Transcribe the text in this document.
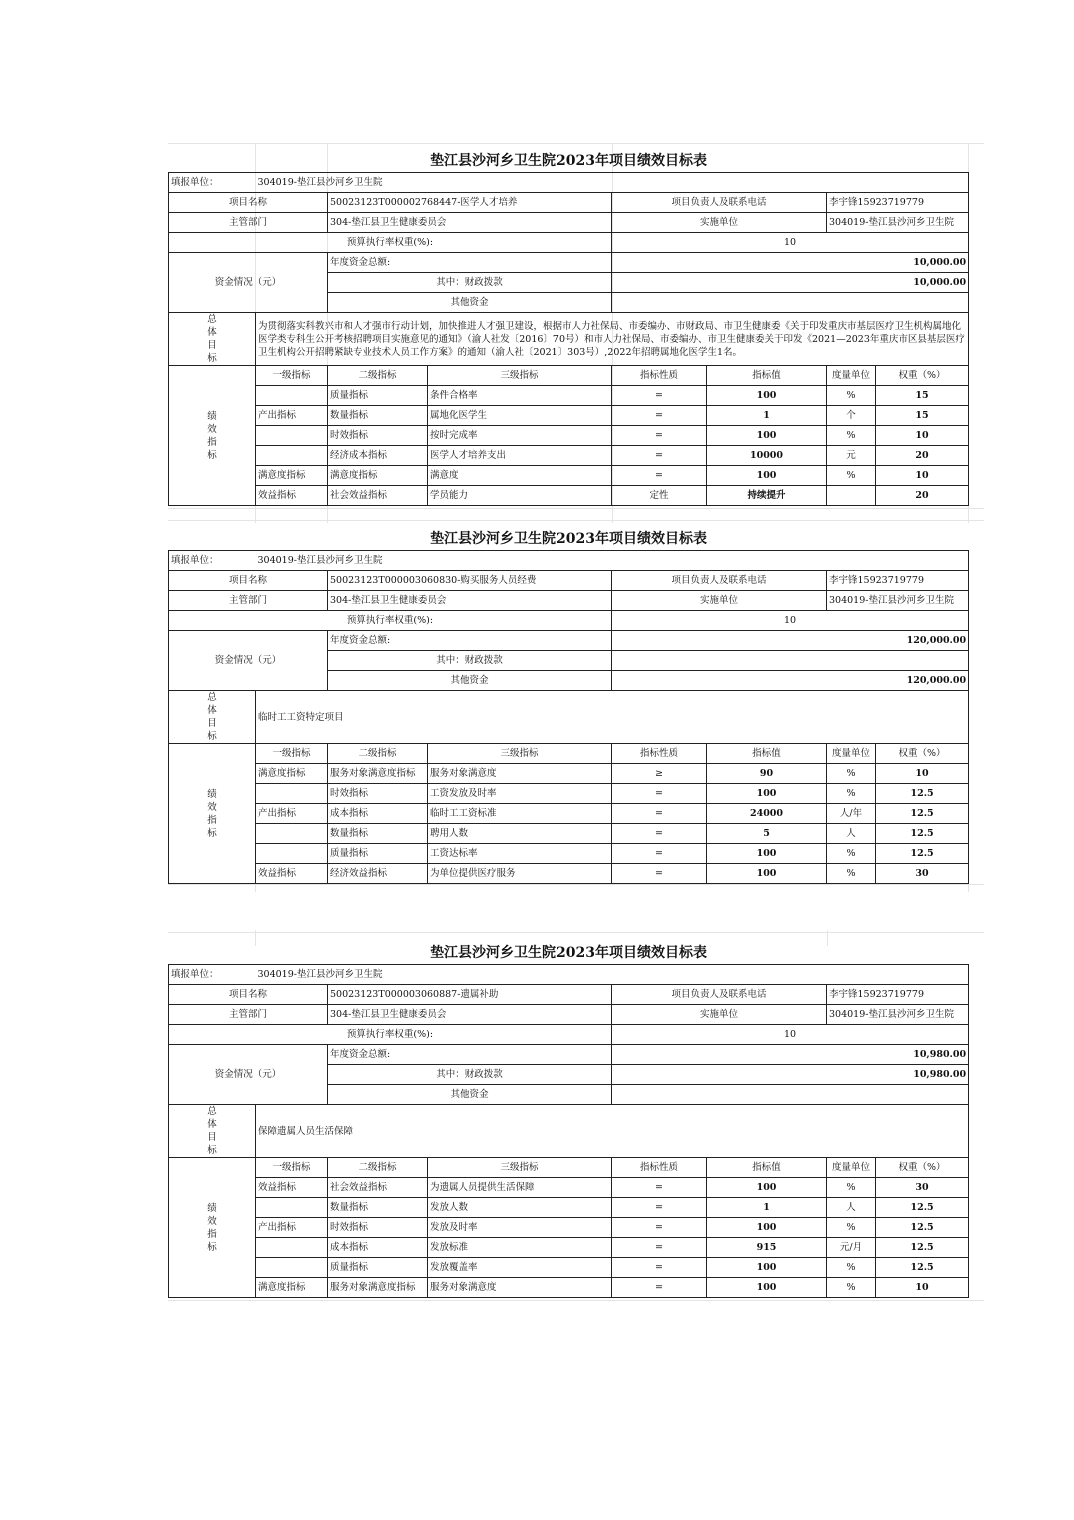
垫江县沙河乡卫生院2023年项目绩效目标表							
填报单位：	304019-垫江县沙河乡卫生院						
项目名称		50023123T000002768447-医学人才培养		项目负责人及联系电话		李宇锋15923719779	
主管部门		304-垫江县卫生健康委员会		实施单位		304019-垫江县沙河乡卫生院	
预算执行率权重(%):				10			
资金情况（元）		年度资金总额:		10,000.00			
		其中：财政拨款		10,000.00			
		其他资金					
总体目标	为贯彻落实科教兴市和人才强市行动计划，加快推进人才强卫建设，根据市人力社保局、市委编办、市财政局、市卫生健康委《关于印发重庆市基层医疗卫生机构属地化医学类专科生公开考核招聘项目实施意见的通知》（渝人社发〔2016〕70号）和市人力社保局、市委编办、市卫生健康委关于印发《2021—2023年重庆市区县基层医疗卫生机构公开招聘紧缺专业技术人员工作方案》的通知（渝人社〔2021〕303号）,2022年招聘属地化医学生1名。						
绩效指标	一级指标	二级指标	三级指标	指标性质	指标值	度量单位	权重（%）
		质量指标	条件合格率	=	100	%	15
	产出指标	数量指标	属地化医学生	=	1	个	15
		时效指标	按时完成率	=	100	%	10
		经济成本指标	医学人才培养支出	=	10000	元	20
	满意度指标	满意度指标	满意度	=	100	%	10
	效益指标	社会效益指标	学员能力	定性	持续提升		20
垫江县沙河乡卫生院2023年项目绩效目标表							
填报单位：	304019-垫江县沙河乡卫生院						
项目名称		50023123T000003060830-购买服务人员经费		项目负责人及联系电话		李宇锋15923719779	
主管部门		304-垫江县卫生健康委员会		实施单位		304019-垫江县沙河乡卫生院	
预算执行率权重(%):				10			
资金情况（元）		年度资金总额:		120,000.00			
		其中：财政拨款					
		其他资金		120,000.00			
总体目标	临时工工资特定项目						
绩效指标	一级指标	二级指标	三级指标	指标性质	指标值	度量单位	权重（%）
	满意度指标	服务对象满意度指标	服务对象满意度	≥	90	%	10
		时效指标	工资发放及时率	=	100	%	12.5
	产出指标	成本指标	临时工工资标准	=	24000	人/年	12.5
		数量指标	聘用人数	=	5	人	12.5
		质量指标	工资达标率	=	100	%	12.5
	效益指标	经济效益指标	为单位提供医疗服务	=	100	%	30
垫江县沙河乡卫生院2023年项目绩效目标表							
填报单位：	304019-垫江县沙河乡卫生院						
项目名称		50023123T000003060887-遗属补助		项目负责人及联系电话		李宇锋15923719779	
主管部门		304-垫江县卫生健康委员会		实施单位		304019-垫江县沙河乡卫生院	
预算执行率权重(%):				10			
资金情况（元）		年度资金总额:		10,980.00			
		其中：财政拨款		10,980.00			
		其他资金					
总体目标	保障遗属人员生活保障						
绩效指标	一级指标	二级指标	三级指标	指标性质	指标值	度量单位	权重（%）
	效益指标	社会效益指标	为遗属人员提供生活保障	=	100	%	30
		数量指标	发放人数	=	1	人	12.5
	产出指标	时效指标	发放及时率	=	100	%	12.5
		成本指标	发放标准	=	915	元/月	12.5
		质量指标	发放覆盖率	=	100	%	12.5
	满意度指标	服务对象满意度指标	服务对象满意度	=	100	%	10
